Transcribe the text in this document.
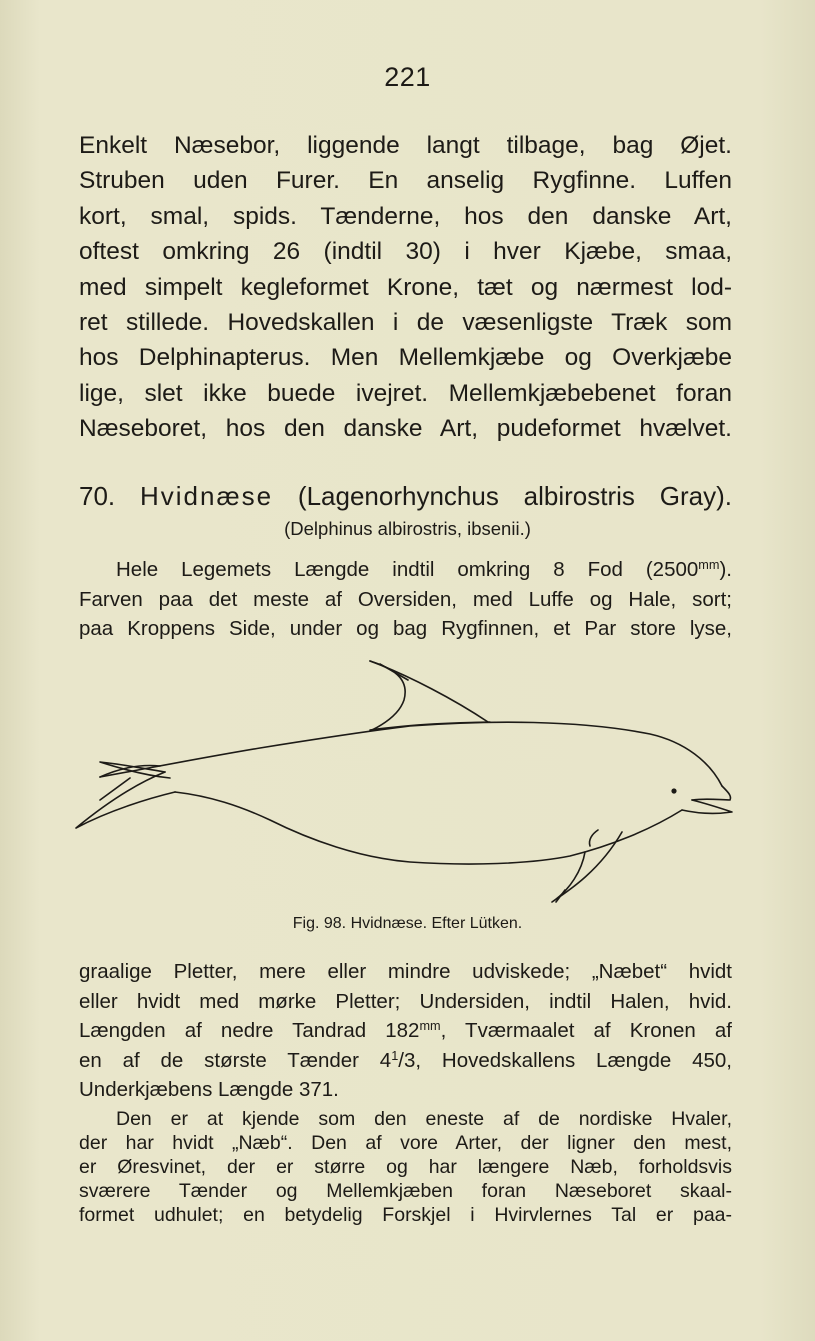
221
Enkelt Næsebor, liggende langt tilbage, bag Øjet.
Struben uden Furer. En anselig Rygfinne. Luffen
kort, smal, spids. Tænderne, hos den danske Art,
oftest omkring 26 (indtil 30) i hver Kjæbe, smaa,
med simpelt kegleformet Krone, tæt og nærmest lod-
ret stillede. Hovedskallen i de væsenligste Træk som
hos Delphinapterus. Men Mellemkjæbe og Overkjæbe
lige, slet ikke buede ivejret. Mellemkjæbebenet foran
Næseboret, hos den danske Art, pudeformet hvælvet.
70. Hvidnæse (Lagenorhynchus albirostris Gray).
(Delphinus albirostris, ibsenii.)
Hele Legemets Længde indtil omkring 8 Fod $(2500^{mm})$.
Farven paa det meste af Oversiden, med Luffe og Hale, sort;
paa Kroppens Side, under og bag Rygfinnen, et Par store lyse,
Fig. 98. Hvidnæse. Efter Lütken.
graalige Pletter, mere eller mindre udviskede; „Næbet“ hvidt
eller hvidt med mørke Pletter; Undersiden, indtil Halen, hvid.
Længden af nedre Tandrad $182^{mm}$, Tværmaalet af Kronen af
en af de største Tænder $4^1/3$, Hovedskallens Længde 450,
Underkjæbens Længde 371.
Den er at kjende som den eneste af de nordiske Hvaler,
der har hvidt „Næb“. Den af vore Arter, der ligner den mest,
er Øresvinet, der er større og har længere Næb, forholdsvis
sværere Tænder og Mellemkjæben foran Næseboret skaal-
formet udhulet; en betydelig Forskjel i Hvirvlernes Tal er paa-
